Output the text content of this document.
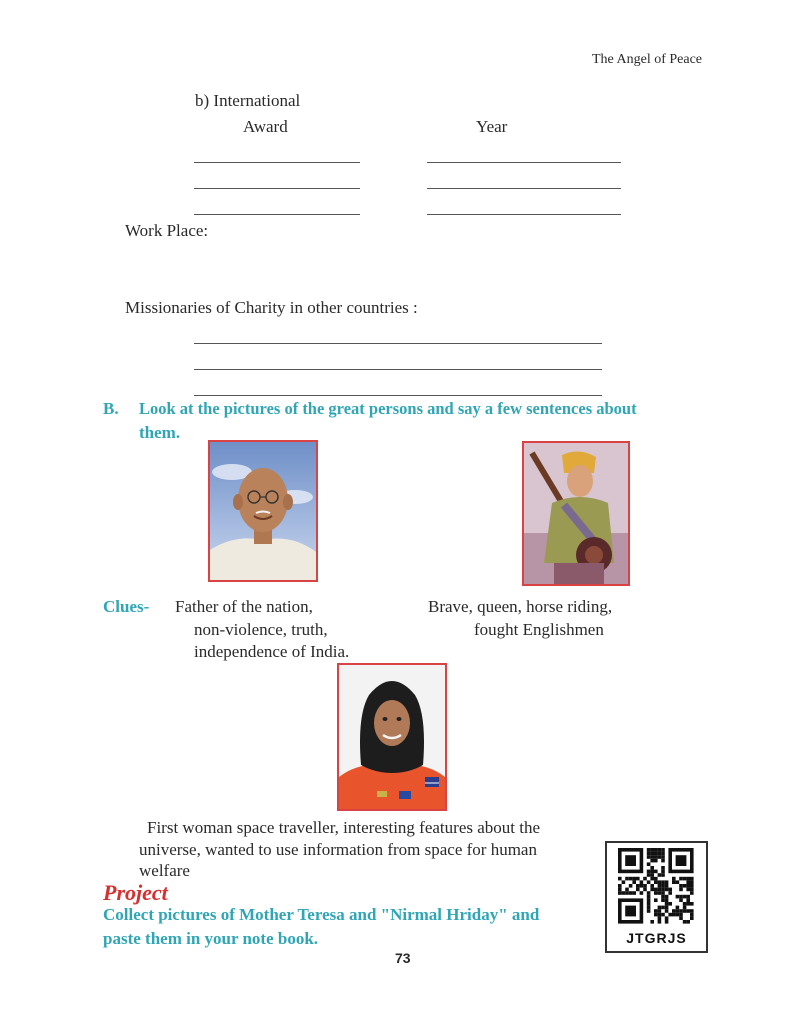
The Angel of Peace
b) International
Award	Year
Work Place:
Missionaries of Charity in other countries :
B. Look at the pictures of the great persons and say a few sentences about
them.
Clues- Father of the nation,
non-violence, truth,
independence of India.
Brave, queen, horse riding,
fought Englishmen
First woman space traveller, interesting features about the
universe, wanted to use information from space for human
welfare
Project
Collect pictures of Mother Teresa and "Nirmal Hriday" and
paste them in your note book.	JTGRJS
73
